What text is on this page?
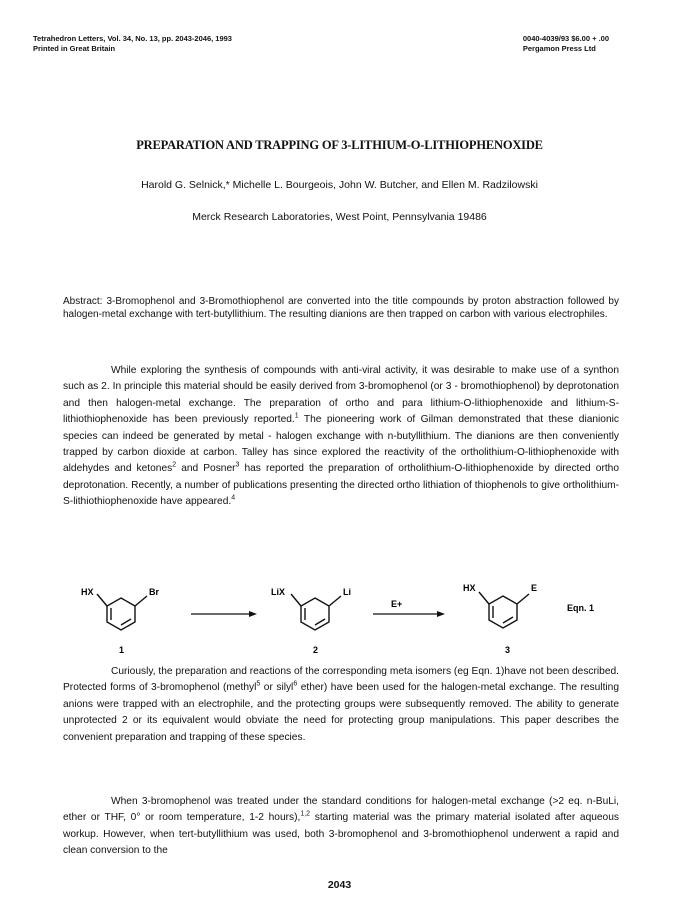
Tetrahedron Letters, Vol. 34, No. 13, pp. 2043-2046, 1993
Printed in Great Britain
0040-4039/93 $6.00 + .00
Pergamon Press Ltd
PREPARATION AND TRAPPING OF 3-LITHIUM-O-LITHIOPHENOXIDE
Harold G. Selnick,* Michelle L. Bourgeois, John W. Butcher, and Ellen M. Radzilowski
Merck Research Laboratories, West Point, Pennsylvania 19486
Abstract: 3-Bromophenol and 3-Bromothiophenol are converted into the title compounds by proton abstraction followed by halogen-metal exchange with tert-butyllithium. The resulting dianions are then trapped on carbon with various electrophiles.
While exploring the synthesis of compounds with anti-viral activity, it was desirable to make use of a synthon such as 2. In principle this material should be easily derived from 3-bromophenol (or 3 - bromothiophenol) by deprotonation and then halogen-metal exchange. The preparation of ortho and para lithium-O-lithiophenoxide and lithium-S-lithiothiophenoxide has been previously reported.$^1$ The pioneering work of Gilman demonstrated that these dianionic species can indeed be generated by metal - halogen exchange with n-butyllithium. The dianions are then conveniently trapped by carbon dioxide at carbon. Talley has since explored the reactivity of the ortholithium-O-lithiophenoxide with aldehydes and ketones$^2$ and Posner$^3$ has reported the preparation of ortholithium-O-lithiophenoxide by directed ortho deprotonation. Recently, a number of publications presenting the directed ortho lithiation of thiophenols to give ortholithium-S-lithiothiophenoxide have appeared.$^4$
HX	Br
1
LiX	Li
2
E+
HX	E
3
Eqn. 1
Curiously, the preparation and reactions of the corresponding meta isomers (eg Eqn. 1)have not been described. Protected forms of 3-bromophenol (methyl$^5$ or silyl$^6$ ether) have been used for the halogen-metal exchange. The resulting anions were trapped with an electrophile, and the protecting groups were subsequently removed. The ability to generate unprotected 2 or its equivalent would obviate the need for protecting group manipulations. This paper describes the convenient preparation and trapping of these species.
When 3-bromophenol was treated under the standard conditions for halogen-metal exchange (>2 eq. n-BuLi, ether or THF, 0° or room temperature, 1-2 hours),$^{1,2}$ starting material was the primary material isolated after aqueous workup. However, when tert-butyllithium was used, both 3-bromophenol and 3-bromothiophenol underwent a rapid and clean conversion to the
2043
